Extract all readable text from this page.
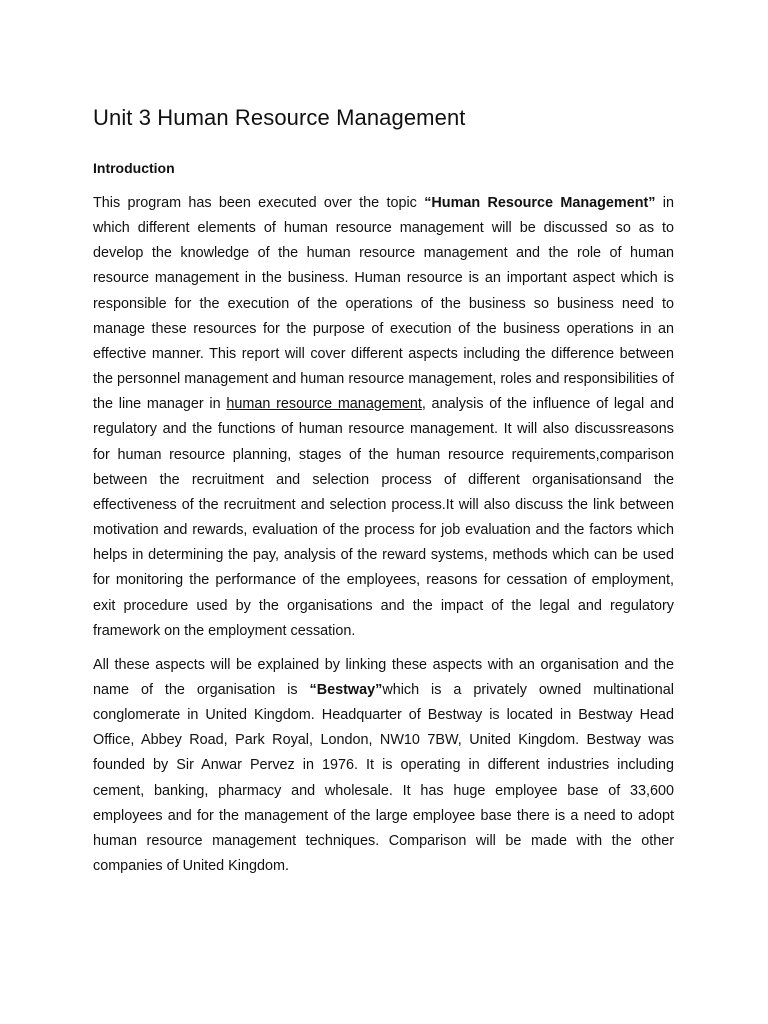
Unit 3 Human Resource Management
Introduction

This program has been executed over the topic “Human Resource Management” in which different elements of human resource management will be discussed so as to develop the knowledge of the human resource management and the role of human resource management in the business. Human resource is an important aspect which is responsible for the execution of the operations of the business so business need to manage these resources for the purpose of execution of the business operations in an effective manner. This report will cover different aspects including the difference between the personnel management and human resource management, roles and responsibilities of the line manager in human resource management, analysis of the influence of legal and regulatory and the functions of human resource management. It will also discussreasons for human resource planning, stages of the human resource requirements,comparison between the recruitment and selection process of different organisationsand the effectiveness of the recruitment and selection process.It will also discuss the link between motivation and rewards, evaluation of the process for job evaluation and the factors which helps in determining the pay, analysis of the reward systems, methods which can be used for monitoring the performance of the employees, reasons for cessation of employment, exit procedure used by the organisations and the impact of the legal and regulatory framework on the employment cessation.

All these aspects will be explained by linking these aspects with an organisation and the name of the organisation is “Bestway”which is a privately owned multinational conglomerate in United Kingdom. Headquarter of Bestway is located in Bestway Head Office, Abbey Road, Park Royal, London, NW10 7BW, United Kingdom. Bestway was founded by Sir Anwar Pervez in 1976. It is operating in different industries including cement, banking, pharmacy and wholesale. It has huge employee base of 33,600 employees and for the management of the large employee base there is a need to adopt human resource management techniques. Comparison will be made with the other companies of United Kingdom.
